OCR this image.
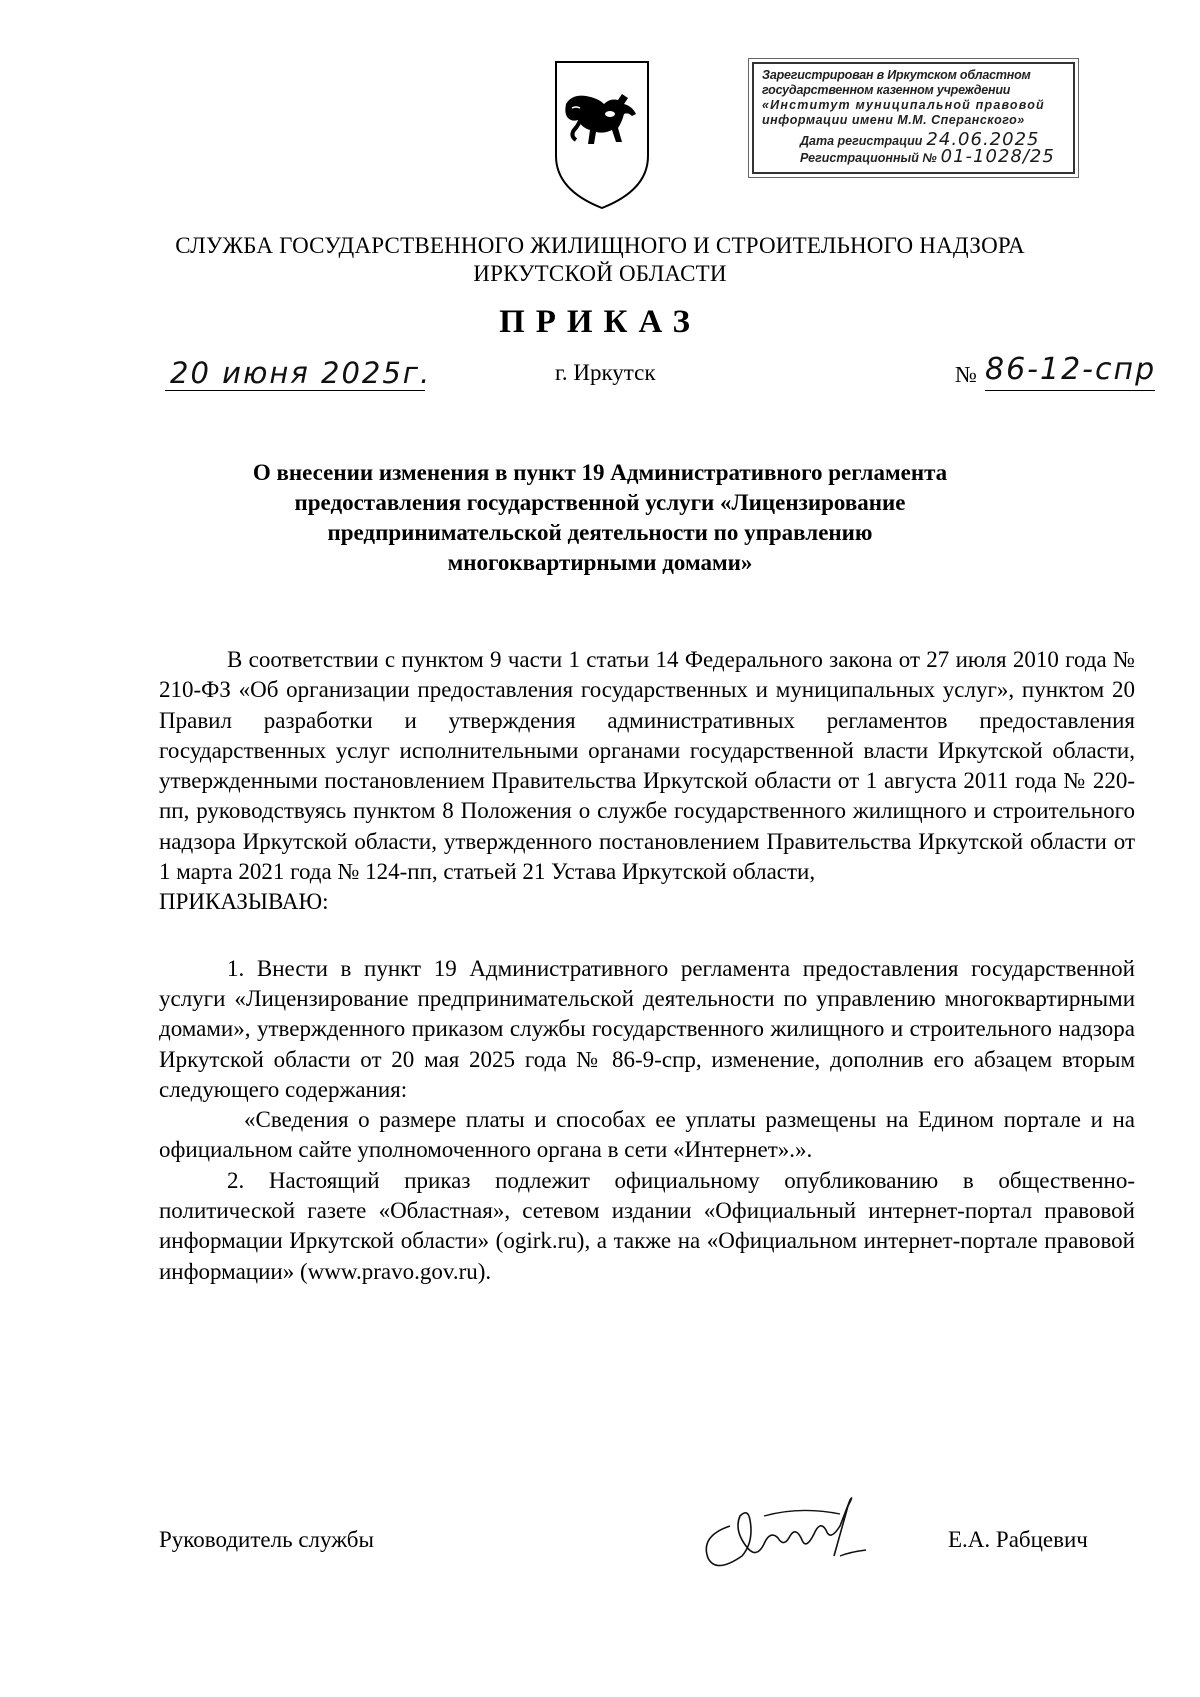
Зарегистрирован в Иркутском областном
государственном казенном учреждении
«Институт муниципальной правовой
информации имени М.М. Сперанского»
Дата регистрации 24.06.2025
Регистрационный № 01-1028/25
СЛУЖБА ГОСУДАРСТВЕННОГО ЖИЛИЩНОГО И СТРОИТЕЛЬНОГО НАДЗОРА
ИРКУТСКОЙ ОБЛАСТИ
ПРИКАЗ
20 июня 2025г.	г. Иркутск	№ 86-12-спр
О внесении изменения в пункт 19 Административного регламента
предоставления государственной услуги «Лицензирование
предпринимательской деятельности по управлению
многоквартирными домами»

В соответствии с пунктом 9 части 1 статьи 14 Федерального закона от 27 июля 2010 года № 210-ФЗ «Об организации предоставления государственных и муниципальных услуг», пунктом 20 Правил разработки и утверждения административных регламентов предоставления государственных услуг исполнительными органами государственной власти Иркутской области, утвержденными постановлением Правительства Иркутской области от 1 августа 2011 года № 220-пп, руководствуясь пунктом 8 Положения о службе государственного жилищного и строительного надзора Иркутской области, утвержденного постановлением Правительства Иркутской области от 1 марта 2021 года № 124-пп, статьей 21 Устава Иркутской области,

ПРИКАЗЫВАЮ:

1. Внести в пункт 19 Административного регламента предоставления государственной услуги «Лицензирование предпринимательской деятельности по управлению многоквартирными домами», утвержденного приказом службы государственного жилищного и строительного надзора Иркутской области от 20 мая 2025 года № 86-9-спр, изменение, дополнив его абзацем вторым следующего содержания:

«Сведения о размере платы и способах ее уплаты размещены на Едином портале и на официальном сайте уполномоченного органа в сети «Интернет».».

2. Настоящий приказ подлежит официальному опубликованию в общественно-политической газете «Областная», сетевом издании «Официальный интернет-портал правовой информации Иркутской области» (ogirk.ru), а также на «Официальном интернет-портале правовой информации» (www.pravo.gov.ru).

Руководитель службы	Е.А. Рабцевич
